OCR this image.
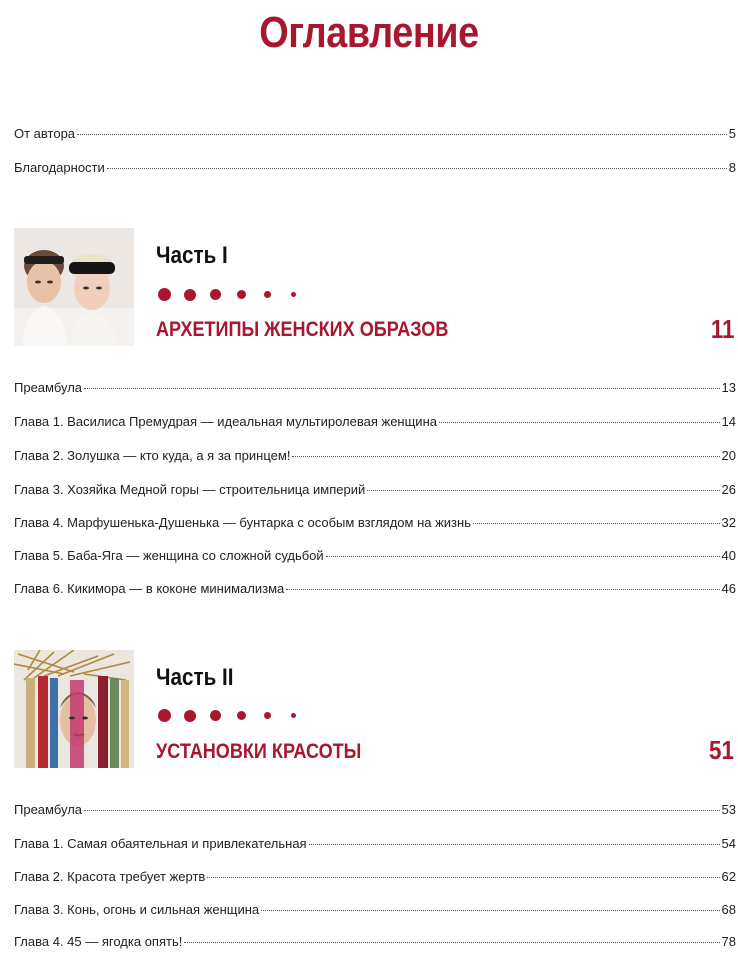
Оглавление
От автора	5
Благодарности	8
Часть I
АРХЕТИПЫ ЖЕНСКИХ ОБРАЗОВ	11
Преамбула	13
Глава 1. Василиса Премудрая — идеальная мультиролевая женщина	14
Глава 2. Золушка — кто куда, а я за принцем!	20
Глава 3. Хозяйка Медной горы — строительница империй	26
Глава 4. Марфушенька-Душенька — бунтарка с особым взглядом на жизнь	32
Глава 5. Баба-Яга — женщина со сложной судьбой	40
Глава 6. Кикимора — в коконе минимализма	46
Часть II
УСТАНОВКИ КРАСОТЫ	51
Преамбула	53
Глава 1. Самая обаятельная и привлекательная	54
Глава 2. Красота требует жертв	62
Глава 3. Конь, огонь и сильная женщина	68
Глава 4. 45 — ягодка опять!	78
